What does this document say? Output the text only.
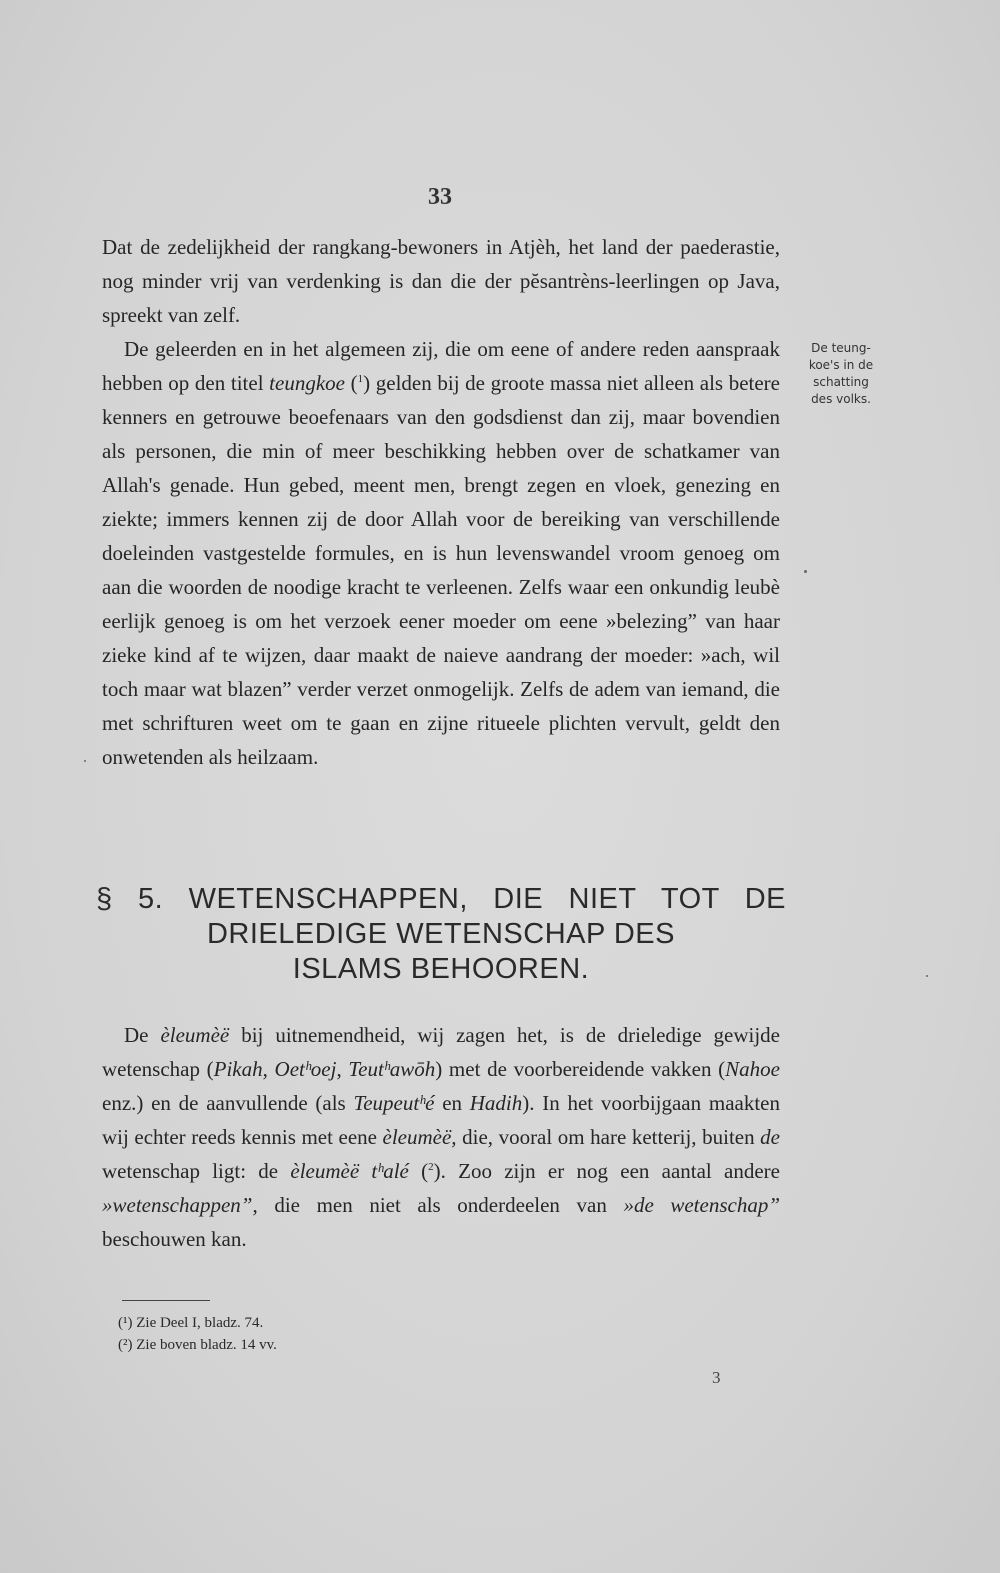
33

Dat de zedelijkheid der rangkang-bewoners in Atjèh, het land der paederastie, nog minder vrij van verdenking is dan die der pĕsantrèns-leerlingen op Java, spreekt van zelf.

De geleerden en in het algemeen zij, die om eene of andere reden aanspraak hebben op den titel teungkoe ($^1$) gelden bij de groote massa niet alleen als betere kenners en getrouwe beoefenaars van den godsdienst dan zij, maar bovendien als personen, die min of meer beschikking hebben over de schatkamer van Allah's genade. Hun gebed, meent men, brengt zegen en vloek, genezing en ziekte; immers kennen zij de door Allah voor de bereiking van verschillende doeleinden vastgestelde formules, en is hun levenswandel vroom genoeg om aan die woorden de noodige kracht te verleenen. Zelfs waar een onkundig leubè eerlijk genoeg is om het verzoek eener moeder om eene »belezing” van haar zieke kind af te wijzen, daar maakt de naieve aandrang der moeder: »ach, wil toch maar wat blazen” verder verzet onmogelijk. Zelfs de adem van iemand, die met schrifturen weet om te gaan en zijne ritueele plichten vervult, geldt den onwetenden als heilzaam.

De teung-
koe's in de
schatting
des volks.
§ 5. WETENSCHAPPEN, DIE NIET TOT DE
DRIELEDIGE WETENSCHAP DES
ISLAMS BEHOOREN.

De èleumèë bij uitnemendheid, wij zagen het, is de drieledige gewijde wetenschap (Pikah, Oetʰoej, Teutʰawōh) met de voorbereidende vakken (Nahoe enz.) en de aanvullende (als Teupeutʰé en Hadih). In het voorbijgaan maakten wij echter reeds kennis met eene èleumèë, die, vooral om hare ketterij, buiten de wetenschap ligt: de èleumèë tʰalé ($^2$). Zoo zijn er nog een aantal andere »wetenschappen”, die men niet als onderdeelen van »de wetenschap” beschouwen kan.

(¹) Zie Deel I, bladz. 74.
(²) Zie boven bladz. 14 vv.
3
